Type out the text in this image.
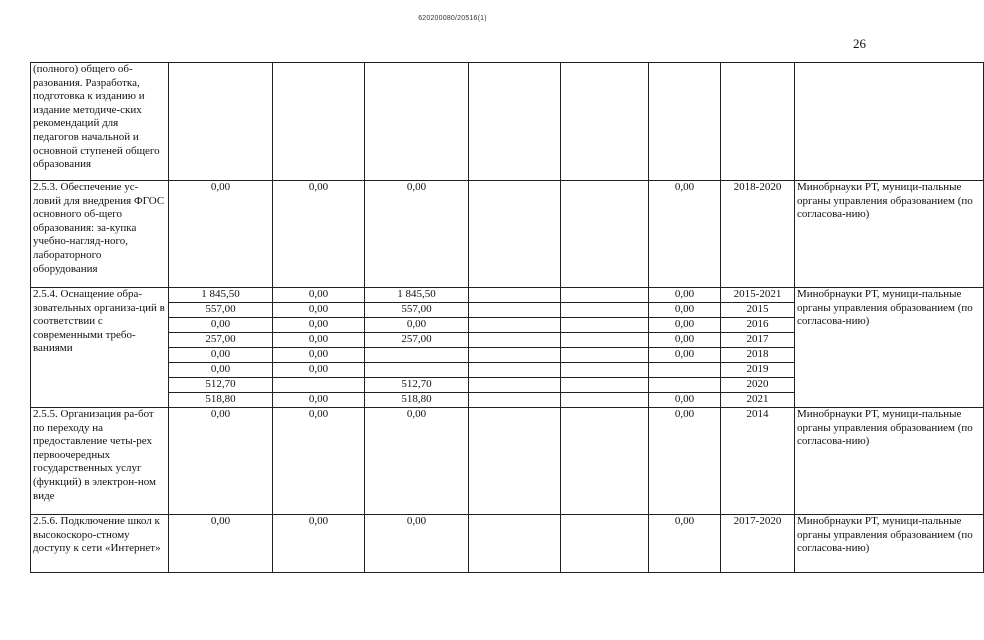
620200080/20516(1)
26
(полного) общего об-разования. Разработка, подготовка к изданию и издание методиче-ских рекомендаций для педагогов начальной и основной ступеней общего образования								
2.5.3. Обеспечение ус-ловий для внедрения ФГОС основного об-щего образования: за-купка учебно-нагляд-ного, лабораторного оборудования	0,00	0,00	0,00			0,00	2018-2020	Минобрнауки РТ, муници-пальные органы управления образованием (по согласова-нию)
2.5.4. Оснащение обра-зовательных организа-ций в соответствии с современными требо-ваниями	1 845,50	0,00	1 845,50			0,00	2015-2021	Минобрнауки РТ, муници-пальные органы управления образованием (по согласова-нию)
	557,00	0,00	557,00			0,00	2015	
	0,00	0,00	0,00			0,00	2016	
	257,00	0,00	257,00			0,00	2017	
	0,00	0,00				0,00	2018	
	0,00	0,00					2019	
	512,70		512,70				2020	
	518,80	0,00	518,80			0,00	2021	
2.5.5. Организация ра-бот по переходу на предоставление четы-рех первоочередных государственных услуг (функций) в электрон-ном виде	0,00	0,00	0,00			0,00	2014	Минобрнауки РТ, муници-пальные органы управления образованием (по согласова-нию)
2.5.6. Подключение школ к высокоскоро-стному доступу к сети «Интернет»	0,00	0,00	0,00			0,00	2017-2020	Минобрнауки РТ, муници-пальные органы управления образованием (по согласова-нию)
